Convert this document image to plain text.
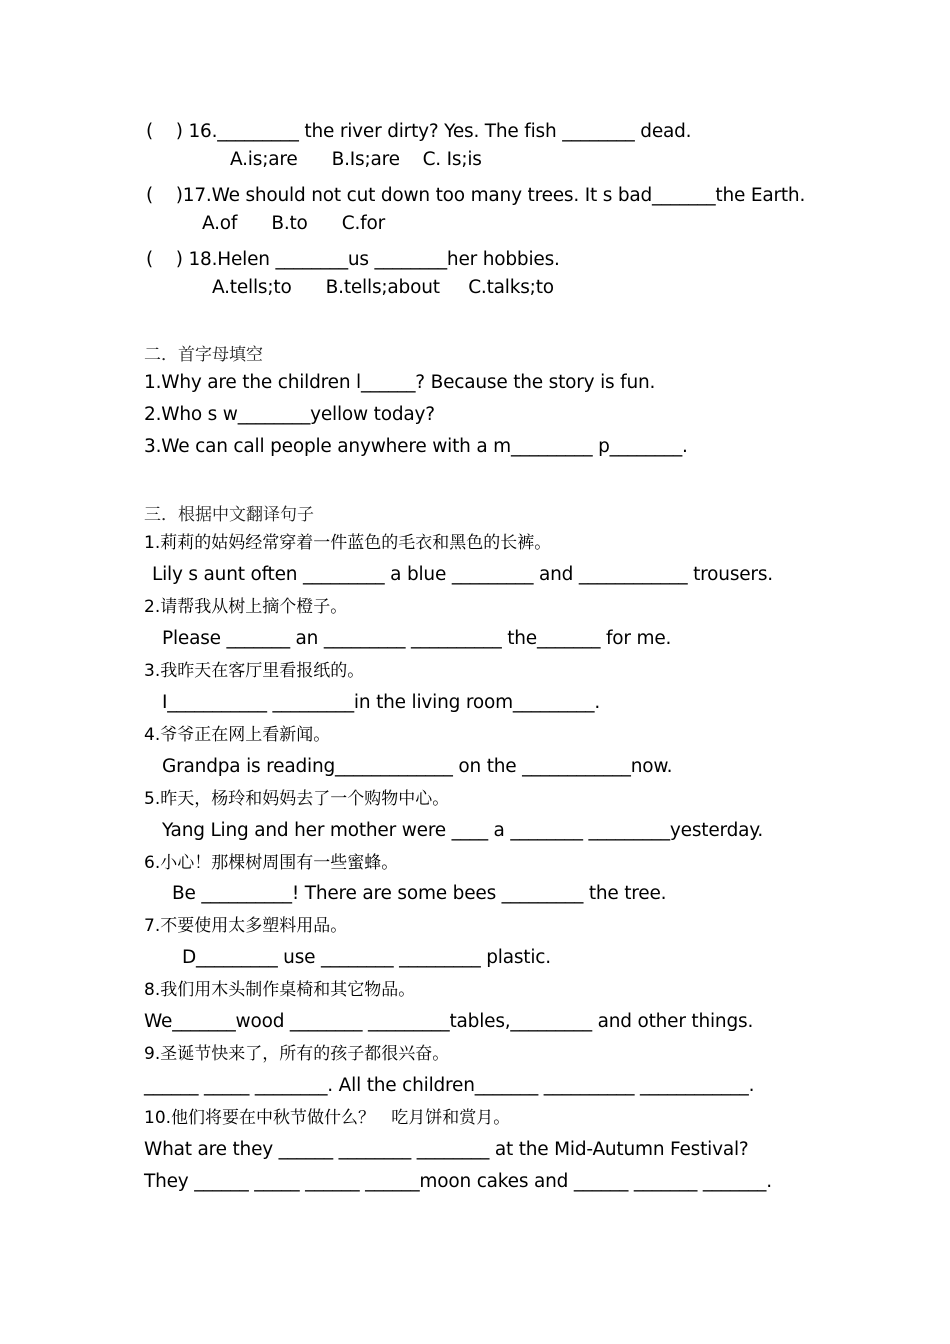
(    ) 16._________ the river dirty? Yes. The fish ________ dead.
A.is;are      B.Is;are    C. Is;is
(    )17.We should not cut down too many trees. It s bad_______the Earth.
A.of      B.to      C.for
(    ) 18.Helen ________us ________her hobbies.
A.tells;to      B.tells;about     C.talks;to
二．首字母填空
1.Why are the children l______? Because the story is fun.
2.Who s w________yellow today?
3.We can call people anywhere with a m_________ p________.
三．根据中文翻译句子
1.莉莉的姑妈经常穿着一件蓝色的毛衣和黑色的长裤。
Lily s aunt often _________ a blue _________ and ____________ trousers.
2.请帮我从树上摘个橙子。
Please _______ an _________ __________ the_______ for me.
3.我昨天在客厅里看报纸的。
I___________ _________in the living room_________.
4.爷爷正在网上看新闻。
Grandpa is reading_____________ on the ____________now.
5.昨天，杨玲和妈妈去了一个购物中心。
Yang Ling and her mother were ____ a ________ _________yesterday.
6.小心！那棵树周围有一些蜜蜂。
Be __________! There are some bees _________ the tree.
7.不要使用太多塑料用品。
D_________ use ________ _________ plastic.
8.我们用木头制作桌椅和其它物品。
We_______wood ________ _________tables,_________ and other things.
9.圣诞节快来了，所有的孩子都很兴奋。
______ _____ ________. All the children_______ __________ ____________.
10.他们将要在中秋节做什么？   吃月饼和赏月。
What are they ______ ________ ________ at the Mid-Autumn Festival?
They ______ _____ ______ ______moon cakes and ______ _______ _______.
